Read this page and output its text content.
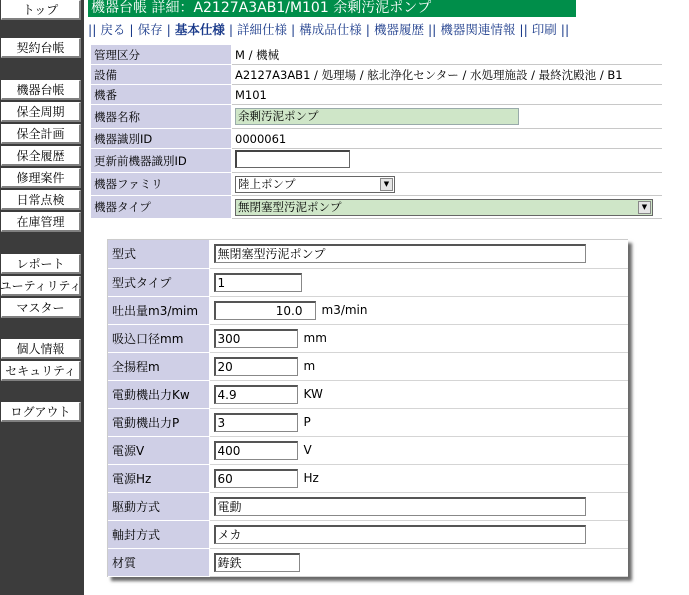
トップ
契約台帳
機器台帳
保全周期
保全計画
保全履歴
修理案件
日常点検
在庫管理
レポート
ユーティリティ
マスター
個人情報
セキュリティ
ログアウト
機器台帳 詳細：A2127A3AB1/M101 余剰汚泥ポンプ
|| 戻る | 保存 | 基本仕様 | 詳細仕様 | 構成品仕様 | 機器履歴 || 機器関連情報 || 印刷 ||
管理区分	M / 機械
設備	A2127A3AB1 / 処理場 / 舷北浄化センター / 水処理施設 / 最終沈殿池 / B1
機番	M101
機器名称	余剰汚泥ポンプ
機器識別ID	0000061
更新前機器識別ID	
機器ファミリ	陸上ポンプ ▼

機器タイプ	無閉塞型汚泥ポンプ ▼
型式	無閉塞型汚泥ポンプ
型式タイプ	1
吐出量m3/mim	10.0 m3/min
吸込口径mm	300 mm
全揚程m	20 m
電動機出力Kw	4.9 KW
電動機出力P	3 P
電源V	400 V
電源Hz	60 Hz
駆動方式	電動
軸封方式	メカ
材質	鋳鉄
